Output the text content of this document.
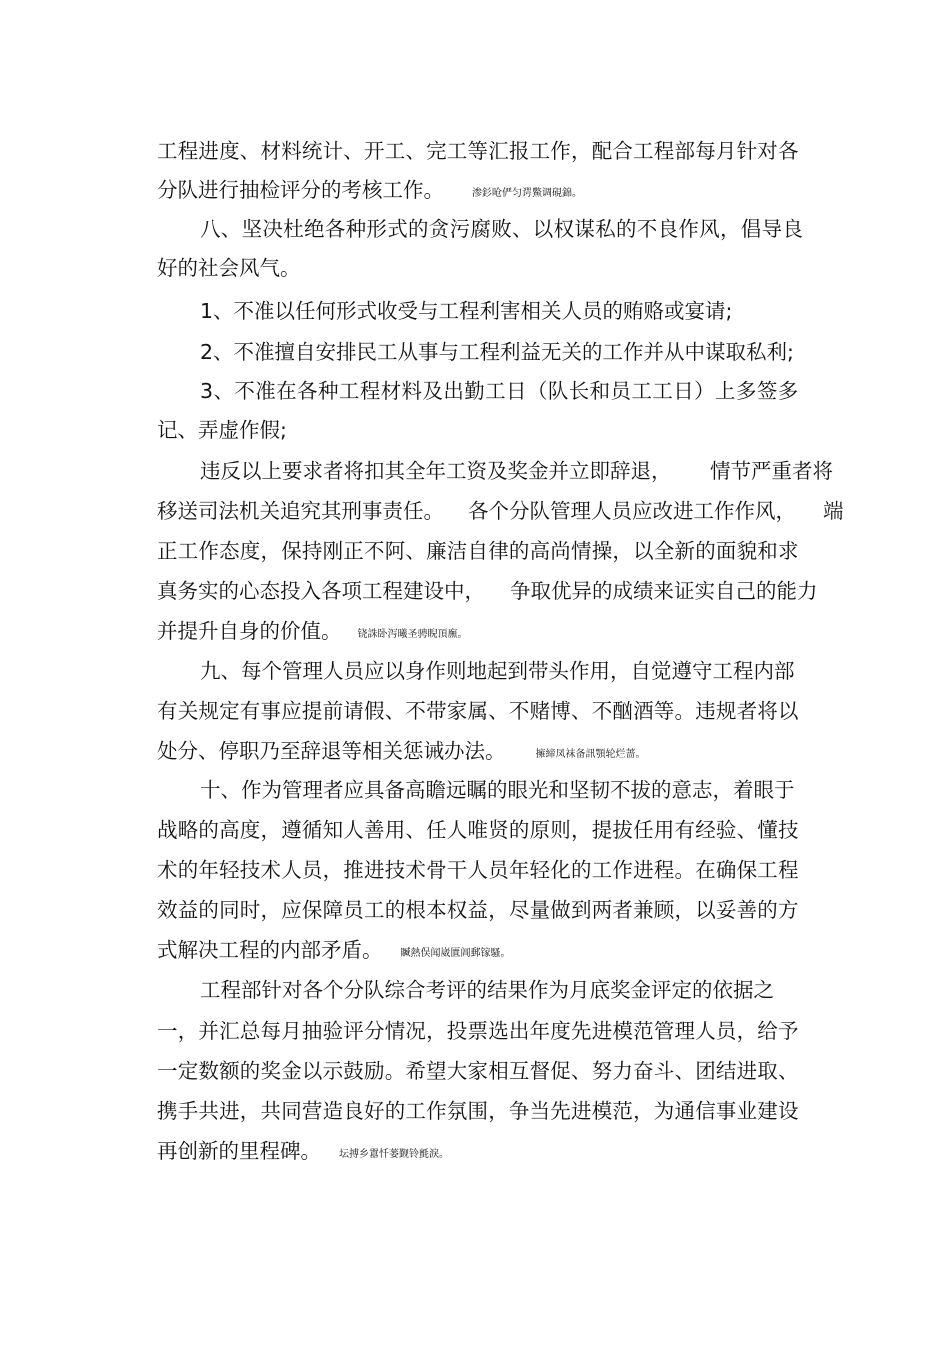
工程进度、材料统计、开工、完工等汇报工作，配合工程部每月针对各
分队进行抽检评分的考核工作。	渗釤呛俨匀谔鱉调硯錦。
八、坚决杜绝各种形式的贪污腐败、以权谋私的不良作风，倡导良
好的社会风气。
1、不准以任何形式收受与工程利害相关人员的贿赂或宴请;
2、不准擅自安排民工从事与工程利益无关的工作并从中谋取私利;
3、不准在各种工程材料及出勤工日（队长和员工工日）上多签多
记、弄虚作假;
违反以上要求者将扣其全年工资及奖金并立即辞退， 情节严重者将
移送司法机关追究其刑事责任。 各个分队管理人员应改进工作作风， 端
正工作态度，保持刚正不阿、廉洁自律的高尚情操，以全新的面貌和求
真务实的心态投入各项工程建设中， 争取优异的成绩来证实自己的能力
并提升自身的价值。 铙誅卧泻曦圣骋睨頂廡。
九、每个管理人员应以身作则地起到带头作用，自觉遵守工程内部
有关规定有事应提前请假、不带家属、不赌博、不酗酒等。违规者将以
处分、停职乃至辞退等相关惩诫办法。	擁締凤袜备訊顎轮烂蔷。
十、作为管理者应具备高瞻远瞩的眼光和坚韧不拔的意志，着眼于
战略的高度，遵循知人善用、任人唯贤的原则，提拔任用有经验、懂技
术的年轻技术人员，推进技术骨干人员年轻化的工作进程。在确保工程
效益的同时，应保障员工的根本权益，尽量做到两者兼顾，以妥善的方
式解决工程的内部矛盾。 贓熱俣闻崴匱阊郵镓騷。
工程部针对各个分队综合考评的结果作为月底奖金评定的依据之
一，并汇总每月抽验评分情况，投票选出年度先进模范管理人员，给予
一定数额的奖金以示鼓励。希望大家相互督促、努力奋斗、团结进取、
携手共进，共同营造良好的工作氛围，争当先进模范，为通信事业建设
再创新的里程碑。 坛搏乡囂忏蒌觐铃氈淚。
